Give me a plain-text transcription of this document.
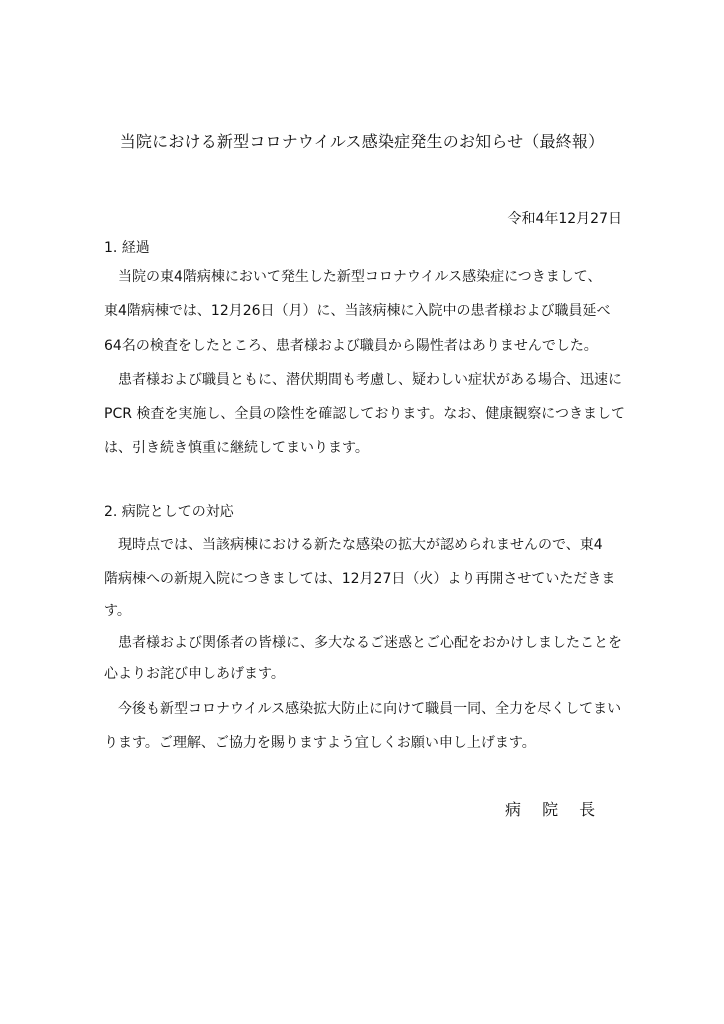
当院における新型コロナウイルス感染症発生のお知らせ（最終報）
令和4年12月27日
1. 経過
　当院の東4階病棟において発生した新型コロナウイルス感染症につきまして、
東4階病棟では、12月26日（月）に、当該病棟に入院中の患者様および職員延べ
64名の検査をしたところ、患者様および職員から陽性者はありませんでした。
　患者様および職員ともに、潜伏期間も考慮し、疑わしい症状がある場合、迅速に
PCR 検査を実施し、全員の陰性を確認しております。なお、健康観察につきまして
は、引き続き慎重に継続してまいります。
2. 病院としての対応
　現時点では、当該病棟における新たな感染の拡大が認められませんので、東4
階病棟への新規入院につきましては、12月27日（火）より再開させていただきま
す。
　患者様および関係者の皆様に、多大なるご迷惑とご心配をおかけしましたことを
心よりお詫び申しあげます。
　今後も新型コロナウイルス感染拡大防止に向けて職員一同、全力を尽くしてまい
ります。ご理解、ご協力を賜りますよう宜しくお願い申し上げます。
病 院 長
